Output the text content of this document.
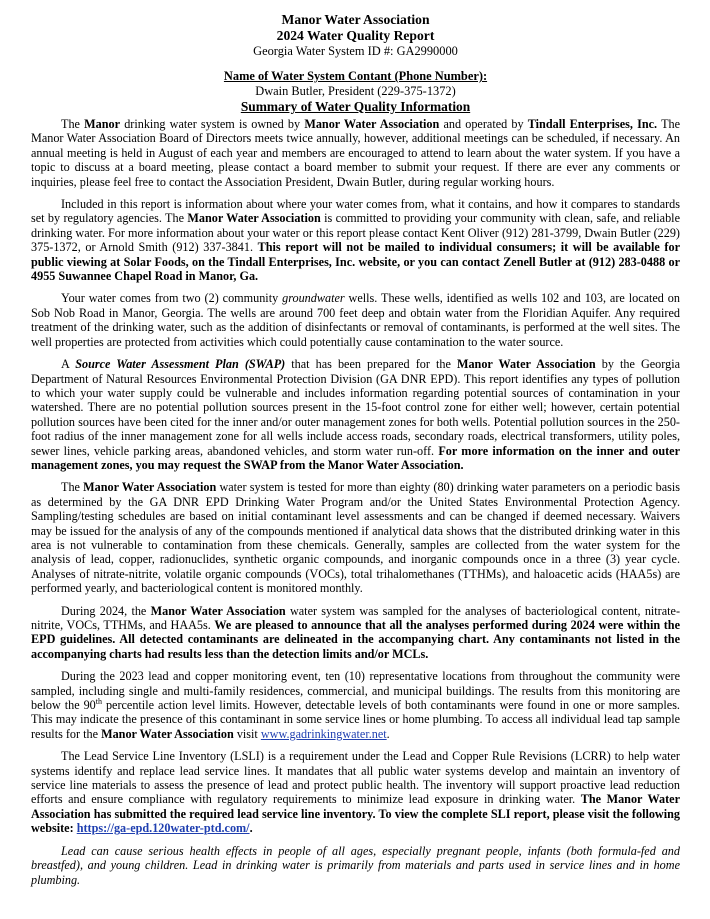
Manor Water Association
2024 Water Quality Report
Georgia Water System ID #: GA2990000
Name of Water System Contant (Phone Number):
Dwain Butler, President (229-375-1372)
Summary of Water Quality Information

The Manor drinking water system is owned by Manor Water Association and operated by Tindall Enterprises, Inc. The Manor Water Association Board of Directors meets twice annually, however, additional meetings can be scheduled, if necessary. An annual meeting is held in August of each year and members are encouraged to attend to learn about the water system. If you have a topic to discuss at a board meeting, please contact a board member to submit your request. If there are ever any comments or inquiries, please feel free to contact the Association President, Dwain Butler, during regular working hours.

Included in this report is information about where your water comes from, what it contains, and how it compares to standards set by regulatory agencies. The Manor Water Association is committed to providing your community with clean, safe, and reliable drinking water. For more information about your water or this report please contact Kent Oliver (912) 281-3799, Dwain Butler (229) 375-1372, or Arnold Smith (912) 337-3841. This report will not be mailed to individual consumers; it will be available for public viewing at Solar Foods, on the Tindall Enterprises, Inc. website, or you can contact Zenell Butler at (912) 283-0488 or 4955 Suwannee Chapel Road in Manor, Ga.

Your water comes from two (2) community groundwater wells. These wells, identified as wells 102 and 103, are located on Sob Nob Road in Manor, Georgia. The wells are around 700 feet deep and obtain water from the Floridian Aquifer. Any required treatment of the drinking water, such as the addition of disinfectants or removal of contaminants, is performed at the well sites. The well properties are protected from activities which could potentially cause contamination to the water source.

A Source Water Assessment Plan (SWAP) that has been prepared for the Manor Water Association by the Georgia Department of Natural Resources Environmental Protection Division (GA DNR EPD). This report identifies any types of pollution to which your water supply could be vulnerable and includes information regarding potential sources of contamination in your watershed. There are no potential pollution sources present in the 15-foot control zone for either well; however, certain potential pollution sources have been cited for the inner and/or outer management zones for both wells. Potential pollution sources in the 250-foot radius of the inner management zone for all wells include access roads, secondary roads, electrical transformers, utility poles, sewer lines, vehicle parking areas, abandoned vehicles, and storm water run-off. For more information on the inner and outer management zones, you may request the SWAP from the Manor Water Association.

The Manor Water Association water system is tested for more than eighty (80) drinking water parameters on a periodic basis as determined by the GA DNR EPD Drinking Water Program and/or the United States Environmental Protection Agency. Sampling/testing schedules are based on initial contaminant level assessments and can be changed if deemed necessary. Waivers may be issued for the analysis of any of the compounds mentioned if analytical data shows that the distributed drinking water in this area is not vulnerable to contamination from these chemicals. Generally, samples are collected from the water system for the analysis of lead, copper, radionuclides, synthetic organic compounds, and inorganic compounds once in a three (3) year cycle. Analyses of nitrate-nitrite, volatile organic compounds (VOCs), total trihalomethanes (TTHMs), and haloacetic acids (HAA5s) are performed yearly, and bacteriological content is monitored monthly.

During 2024, the Manor Water Association water system was sampled for the analyses of bacteriological content, nitrate-nitrite, VOCs, TTHMs, and HAA5s. We are pleased to announce that all the analyses performed during 2024 were within the EPD guidelines. All detected contaminants are delineated in the accompanying chart. Any contaminants not listed in the accompanying charts had results less than the detection limits and/or MCLs.

During the 2023 lead and copper monitoring event, ten (10) representative locations from throughout the community were sampled, including single and multi-family residences, commercial, and municipal buildings. The results from this monitoring are below the 90th percentile action level limits. However, detectable levels of both contaminants were found in one or more samples. This may indicate the presence of this contaminant in some service lines or home plumbing. To access all individual lead tap sample results for the Manor Water Association visit www.gadrinkingwater.net.

The Lead Service Line Inventory (LSLI) is a requirement under the Lead and Copper Rule Revisions (LCRR) to help water systems identify and replace lead service lines. It mandates that all public water systems develop and maintain an inventory of service line materials to assess the presence of lead and protect public health. The inventory will support proactive lead reduction efforts and ensure compliance with regulatory requirements to minimize lead exposure in drinking water. The Manor Water Association has submitted the required lead service line inventory. To view the complete SLI report, please visit the following website: https://ga-epd.120water-ptd.com/.

Lead can cause serious health effects in people of all ages, especially pregnant people, infants (both formula-fed and breastfed), and young children. Lead in drinking water is primarily from materials and parts used in service lines and in home plumbing.
